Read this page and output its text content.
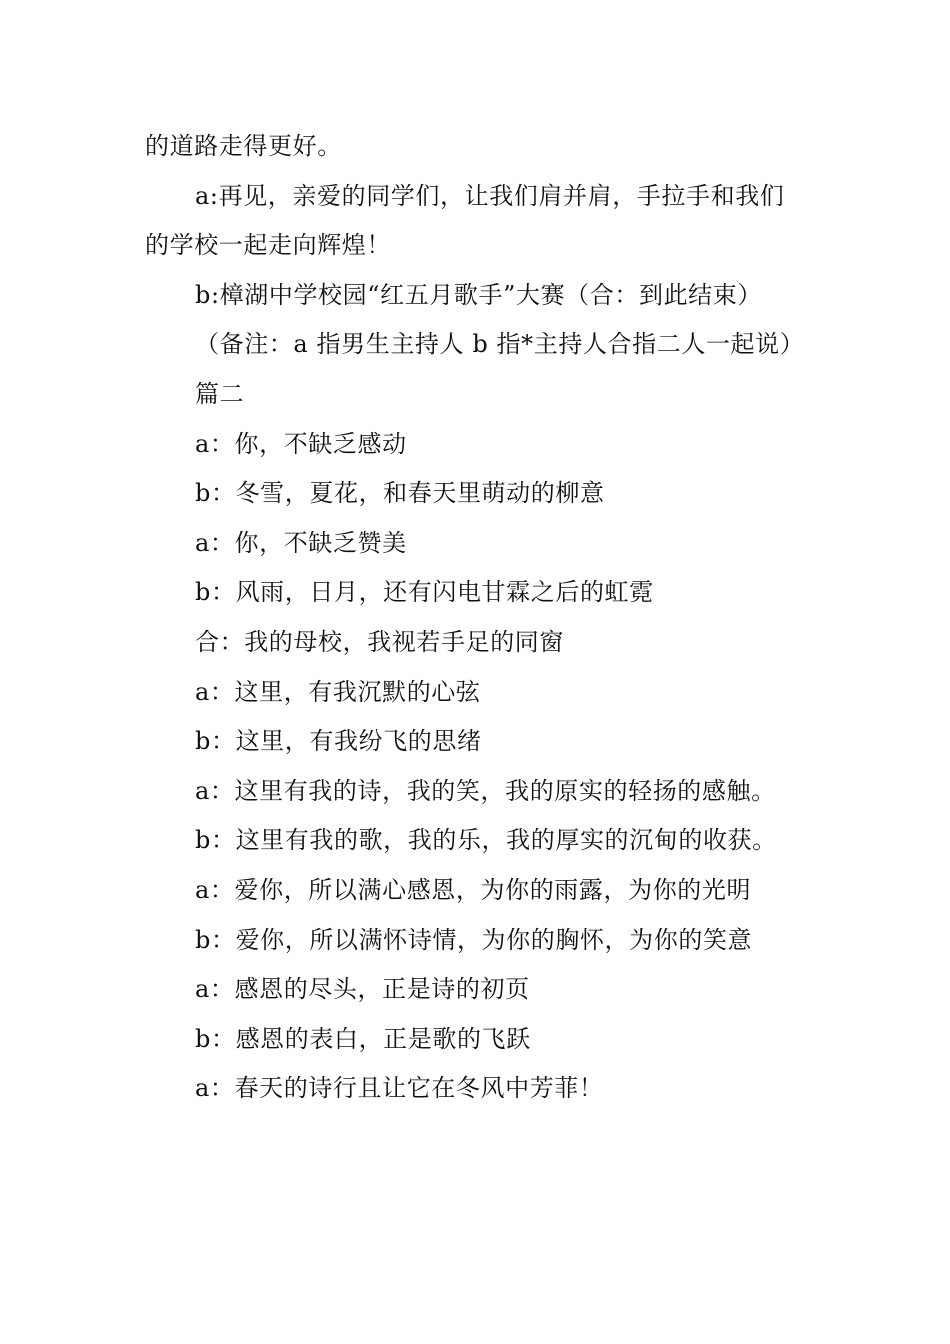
的道路走得更好。

a:再见，亲爱的同学们，让我们肩并肩，手拉手和我们的学校一起走向辉煌！

b:樟湖中学校园“红五月歌手”大赛（合：到此结束）

（备注：a 指男生主持人 b 指*主持人合指二人一起说）

篇二

a：你，不缺乏感动

b：冬雪，夏花，和春天里萌动的柳意

a：你，不缺乏赞美

b：风雨，日月，还有闪电甘霖之后的虹霓

合：我的母校，我视若手足的同窗

a：这里，有我沉默的心弦

b：这里，有我纷飞的思绪

a：这里有我的诗，我的笑，我的原实的轻扬的感触。

b：这里有我的歌，我的乐，我的厚实的沉甸的收获。

a：爱你，所以满心感恩，为你的雨露，为你的光明

b：爱你，所以满怀诗情，为你的胸怀，为你的笑意

a：感恩的尽头，正是诗的初页

b：感恩的表白，正是歌的飞跃

a：春天的诗行且让它在冬风中芳菲！
